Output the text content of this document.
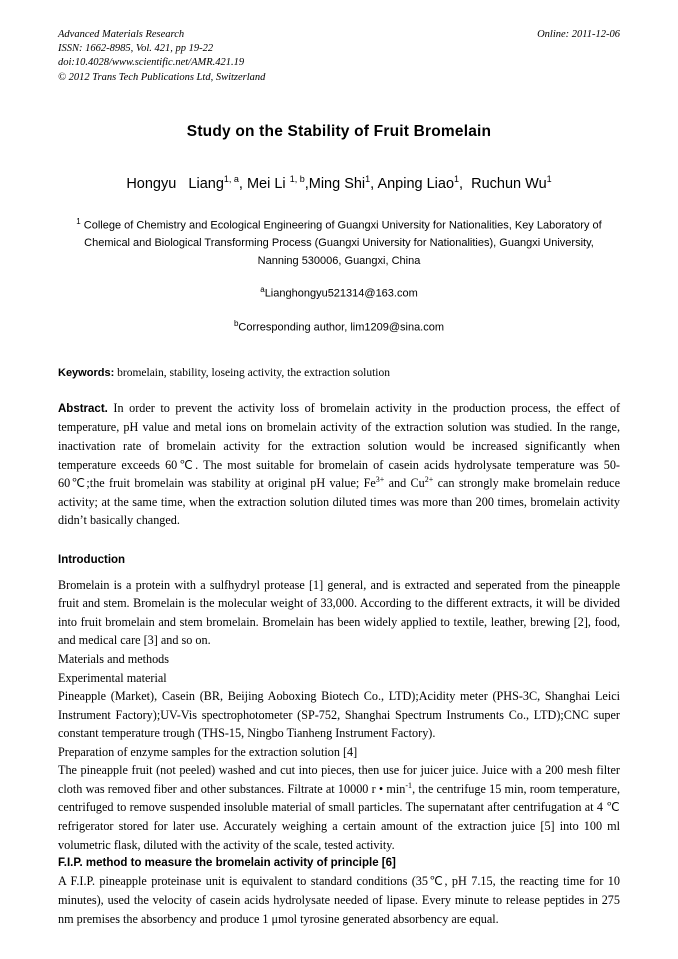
Advanced Materials Research
ISSN: 1662-8985, Vol. 421, pp 19-22
doi:10.4028/www.scientific.net/AMR.421.19
© 2012 Trans Tech Publications Ltd, Switzerland
Online: 2011-12-06
Study on the Stability of Fruit Bromelain
Hongyu Liang$^{1, a}$, Mei Li $^{1, b}$,Ming Shi$^1$, Anping Liao$^1$, Ruchun Wu$^1$
$^1$ College of Chemistry and Ecological Engineering of Guangxi University for Nationalities, Key Laboratory of Chemical and Biological Transforming Process (Guangxi University for Nationalities), Guangxi University, Nanning 530006, Guangxi, China
$^a$Lianghongyu521314@163.com
$^b$Corresponding author, lim1209@sina.com
Keywords: bromelain, stability, loseing activity, the extraction solution
Abstract. In order to prevent the activity loss of bromelain activity in the production process, the effect of temperature, pH value and metal ions on bromelain activity of the extraction solution was studied. In the range, inactivation rate of bromelain activity for the extraction solution would be increased significantly when temperature exceeds 60℃. The most suitable for bromelain of casein acids hydrolysate temperature was 50-60℃;the fruit bromelain was stability at original pH value; $Fe^{3+}$ and $Cu^{2+}$ can strongly make bromelain reduce activity; at the same time, when the extraction solution diluted times was more than 200 times, bromelain activity didn’t basically changed.
Introduction

Bromelain is a protein with a sulfhydryl protease [1] general, and is extracted and seperated from the pineapple fruit and stem. Bromelain is the molecular weight of 33,000. According to the different extracts, it will be divided into fruit bromelain and stem bromelain. Bromelain has been widely applied to textile, leather, brewing [2], food, and medical care [3] and so on.

Materials and methods

Experimental material

Pineapple (Market), Casein (BR, Beijing Aoboxing Biotech Co., LTD);Acidity meter (PHS-3C, Shanghai Leici Instrument Factory);UV-Vis spectrophotometer (SP-752, Shanghai Spectrum Instruments Co., LTD);CNC super constant temperature trough (THS-15, Ningbo Tianheng Instrument Factory).

Preparation of enzyme samples for the extraction solution [4]

The pineapple fruit (not peeled) washed and cut into pieces, then use for juicer juice. Juice with a 200 mesh filter cloth was removed fiber and other substances. Filtrate at 10000 r • $\min^{-1}$, the centrifuge 15 min, room temperature, centrifuged to remove suspended insoluble material of small particles. The supernatant after centrifugation at 4 ℃ refrigerator stored for later use. Accurately weighing a certain amount of the extraction juice [5] into 100 ml volumetric flask, diluted with the activity of the scale, tested activity.

F.I.P. method to measure the bromelain activity of principle [6]

A F.I.P. pineapple proteinase unit is equivalent to standard conditions (35℃, pH 7.15, the reacting time for 10 minutes), used the velocity of casein acids hydrolysate needed of lipase. Every minute to release peptides in 275 nm premises the absorbency and produce 1 μmol tyrosine generated absorbency are equal.
